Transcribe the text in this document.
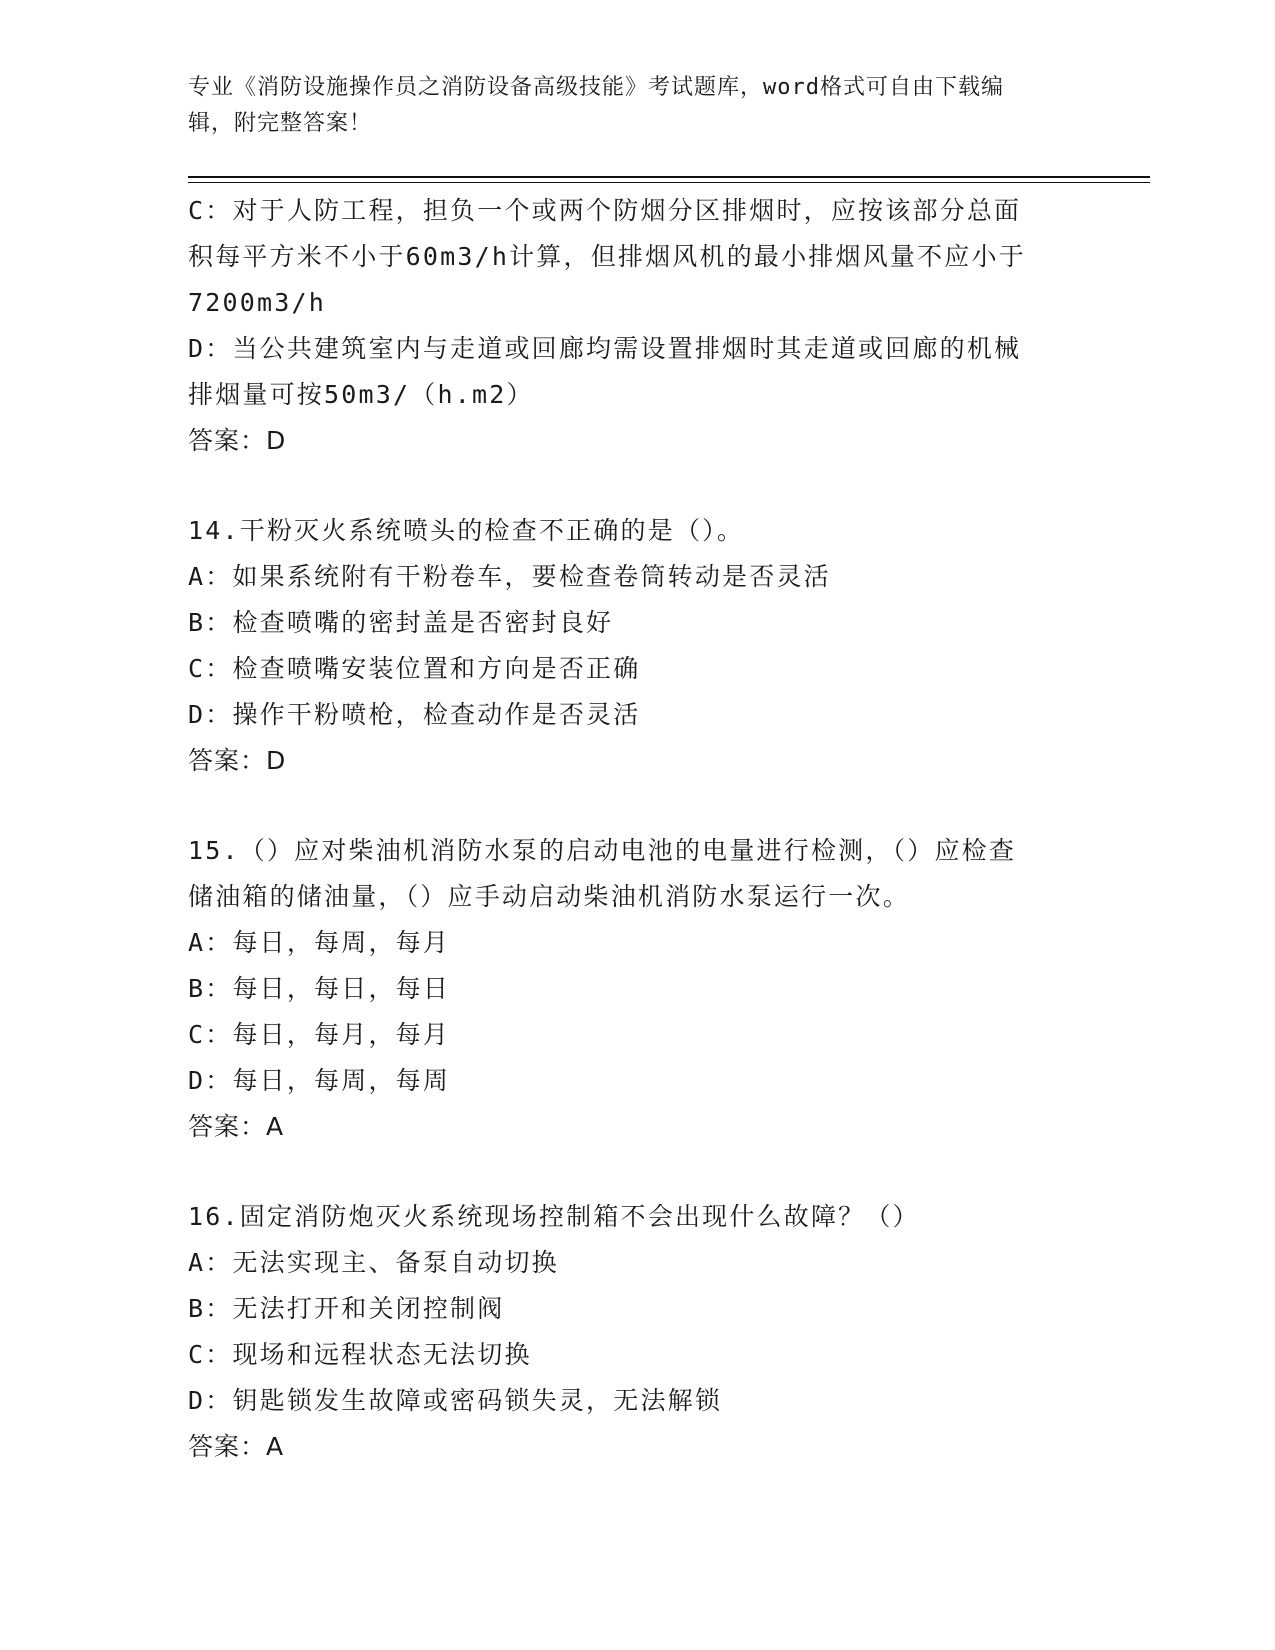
专业《消防设施操作员之消防设备高级技能》考试题库，word格式可自由下载编
辑，附完整答案！
C：对于人防工程，担负一个或两个防烟分区排烟时，应按该部分总面
积每平方米不小于60m3/h计算，但排烟风机的最小排烟风量不应小于
7200m3/h
D：当公共建筑室内与走道或回廊均需设置排烟时其走道或回廊的机械
排烟量可按50m3/（h.m2）
答案：D
14.干粉灭火系统喷头的检查不正确的是（）。
A：如果系统附有干粉卷车，要检查卷筒转动是否灵活
B：检查喷嘴的密封盖是否密封良好
C：检查喷嘴安装位置和方向是否正确
D：操作干粉喷枪，检查动作是否灵活
答案：D
15.（）应对柴油机消防水泵的启动电池的电量进行检测，（）应检查
储油箱的储油量，（）应手动启动柴油机消防水泵运行一次。
A：每日，每周，每月
B：每日，每日，每日
C：每日，每月，每月
D：每日，每周，每周
答案：A
16.固定消防炮灭火系统现场控制箱不会出现什么故障？（）
A：无法实现主、备泵自动切换
B：无法打开和关闭控制阀
C：现场和远程状态无法切换
D：钥匙锁发生故障或密码锁失灵，无法解锁
答案：A
